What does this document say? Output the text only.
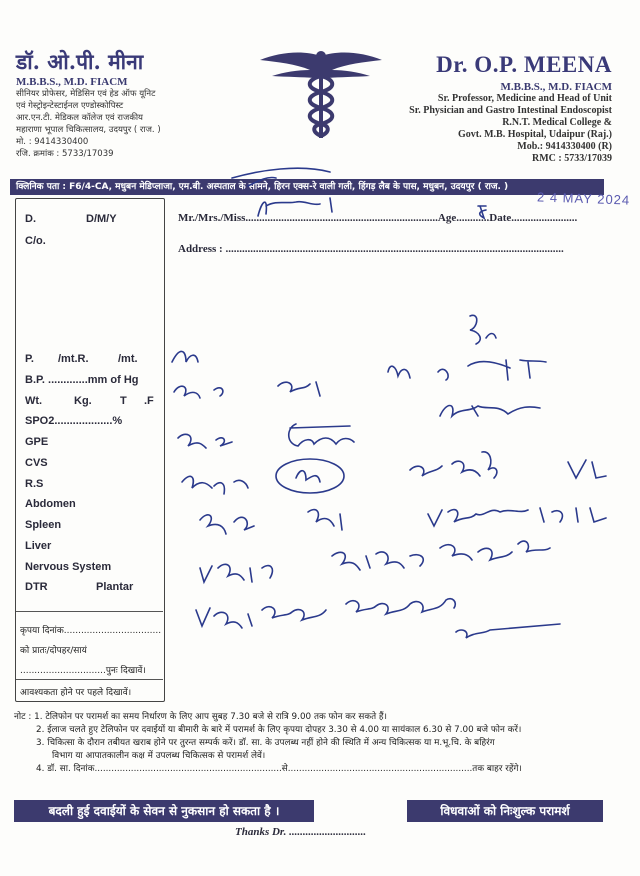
डॉ. ओ.पी. मीना
M.B.B.S., M.D. FIACM
सीनियर प्रोफेसर, मेडिसिन एवं हेड ऑफ यूनिट
एवं गेस्ट्रोइन्टेस्टाईनल एण्डोस्कोपिस्ट
आर.एन.टी. मेडिकल कॉलेज एवं राजकीय
महाराणा भूपाल चिकित्सालय, उदयपुर ( राज. )
मो. : 9414330400
रजि. क्रमांक : 5733/17039
Dr. O.P. MEENA
M.B.B.S., M.D. FIACM
Sr. Professor, Medicine and Head of Unit
Sr. Physician and Gastro Intestinal Endoscopist
R.N.T. Medical College &
Govt. M.B. Hospital, Udaipur (Raj.)
Mob.: 9414330400 (R)
RMC : 5733/17039
क्लिनिक पता : F6/4-CA, मधुबन मेडिप्लाजा, एम.बी. अस्पताल के सामने, हिरन एक्स-रे वाली गली, हिंगड़ लैब के पास, मधुबन, उदयपुर ( राज. )
2 4 MAY 2024
Mr./Mrs./Miss......................................................................Age............Date........................
Address : ...........................................................................................................................
D.	D/M/Y
C/o.
P. /mt.R.	/mt.
B.P. .............mm of Hg
Wt.	Kg.	T .F
SPO2...................%
GPE
CVS
R.S
Abdomen
Spleen
Liver
Nervous System
DTR	Plantar
कृपया दिनांक..................................
को प्रातः/दोपहर/सायं
..............................पुनः दिखावें।
आवश्यकता होने पर पहले दिखावें।
नोट : 1. टेलिफोन पर परामर्श का समय निर्धारण के लिए आप सुबह 7.30 बजे से रात्रि 9.00 तक फोन कर सकते हैं।
2. ईलाज चलते हुए टेलिफोन पर दवाईयों या बीमारी के बारे में परामर्श के लिए कृपया दोपहर 3.30 से 4.00 या सायंकाल 6.30 से 7.00 बजे फोन करें।
3. चिकित्सा के दौरान तबीयत खराब होने पर तुरन्त सम्पर्क करें। डॉ. सा. के उपलब्ध नहीं होने की स्थिति में अन्य चिकित्सक या म.भू.चि. के बहिरंग
विभाग या आपातकालीन कक्ष में उपलब्ध चिकित्सक से परामर्श लेवें।
4. डॉ. सा. दिनांक...................................................................से..................................................................तक बाहर रहेंगे।
बदली हुई दवाईयों के सेवन से नुकसान हो सकता है ।	विधवाओं को निःशुल्क परामर्श
Thanks Dr. ............................
